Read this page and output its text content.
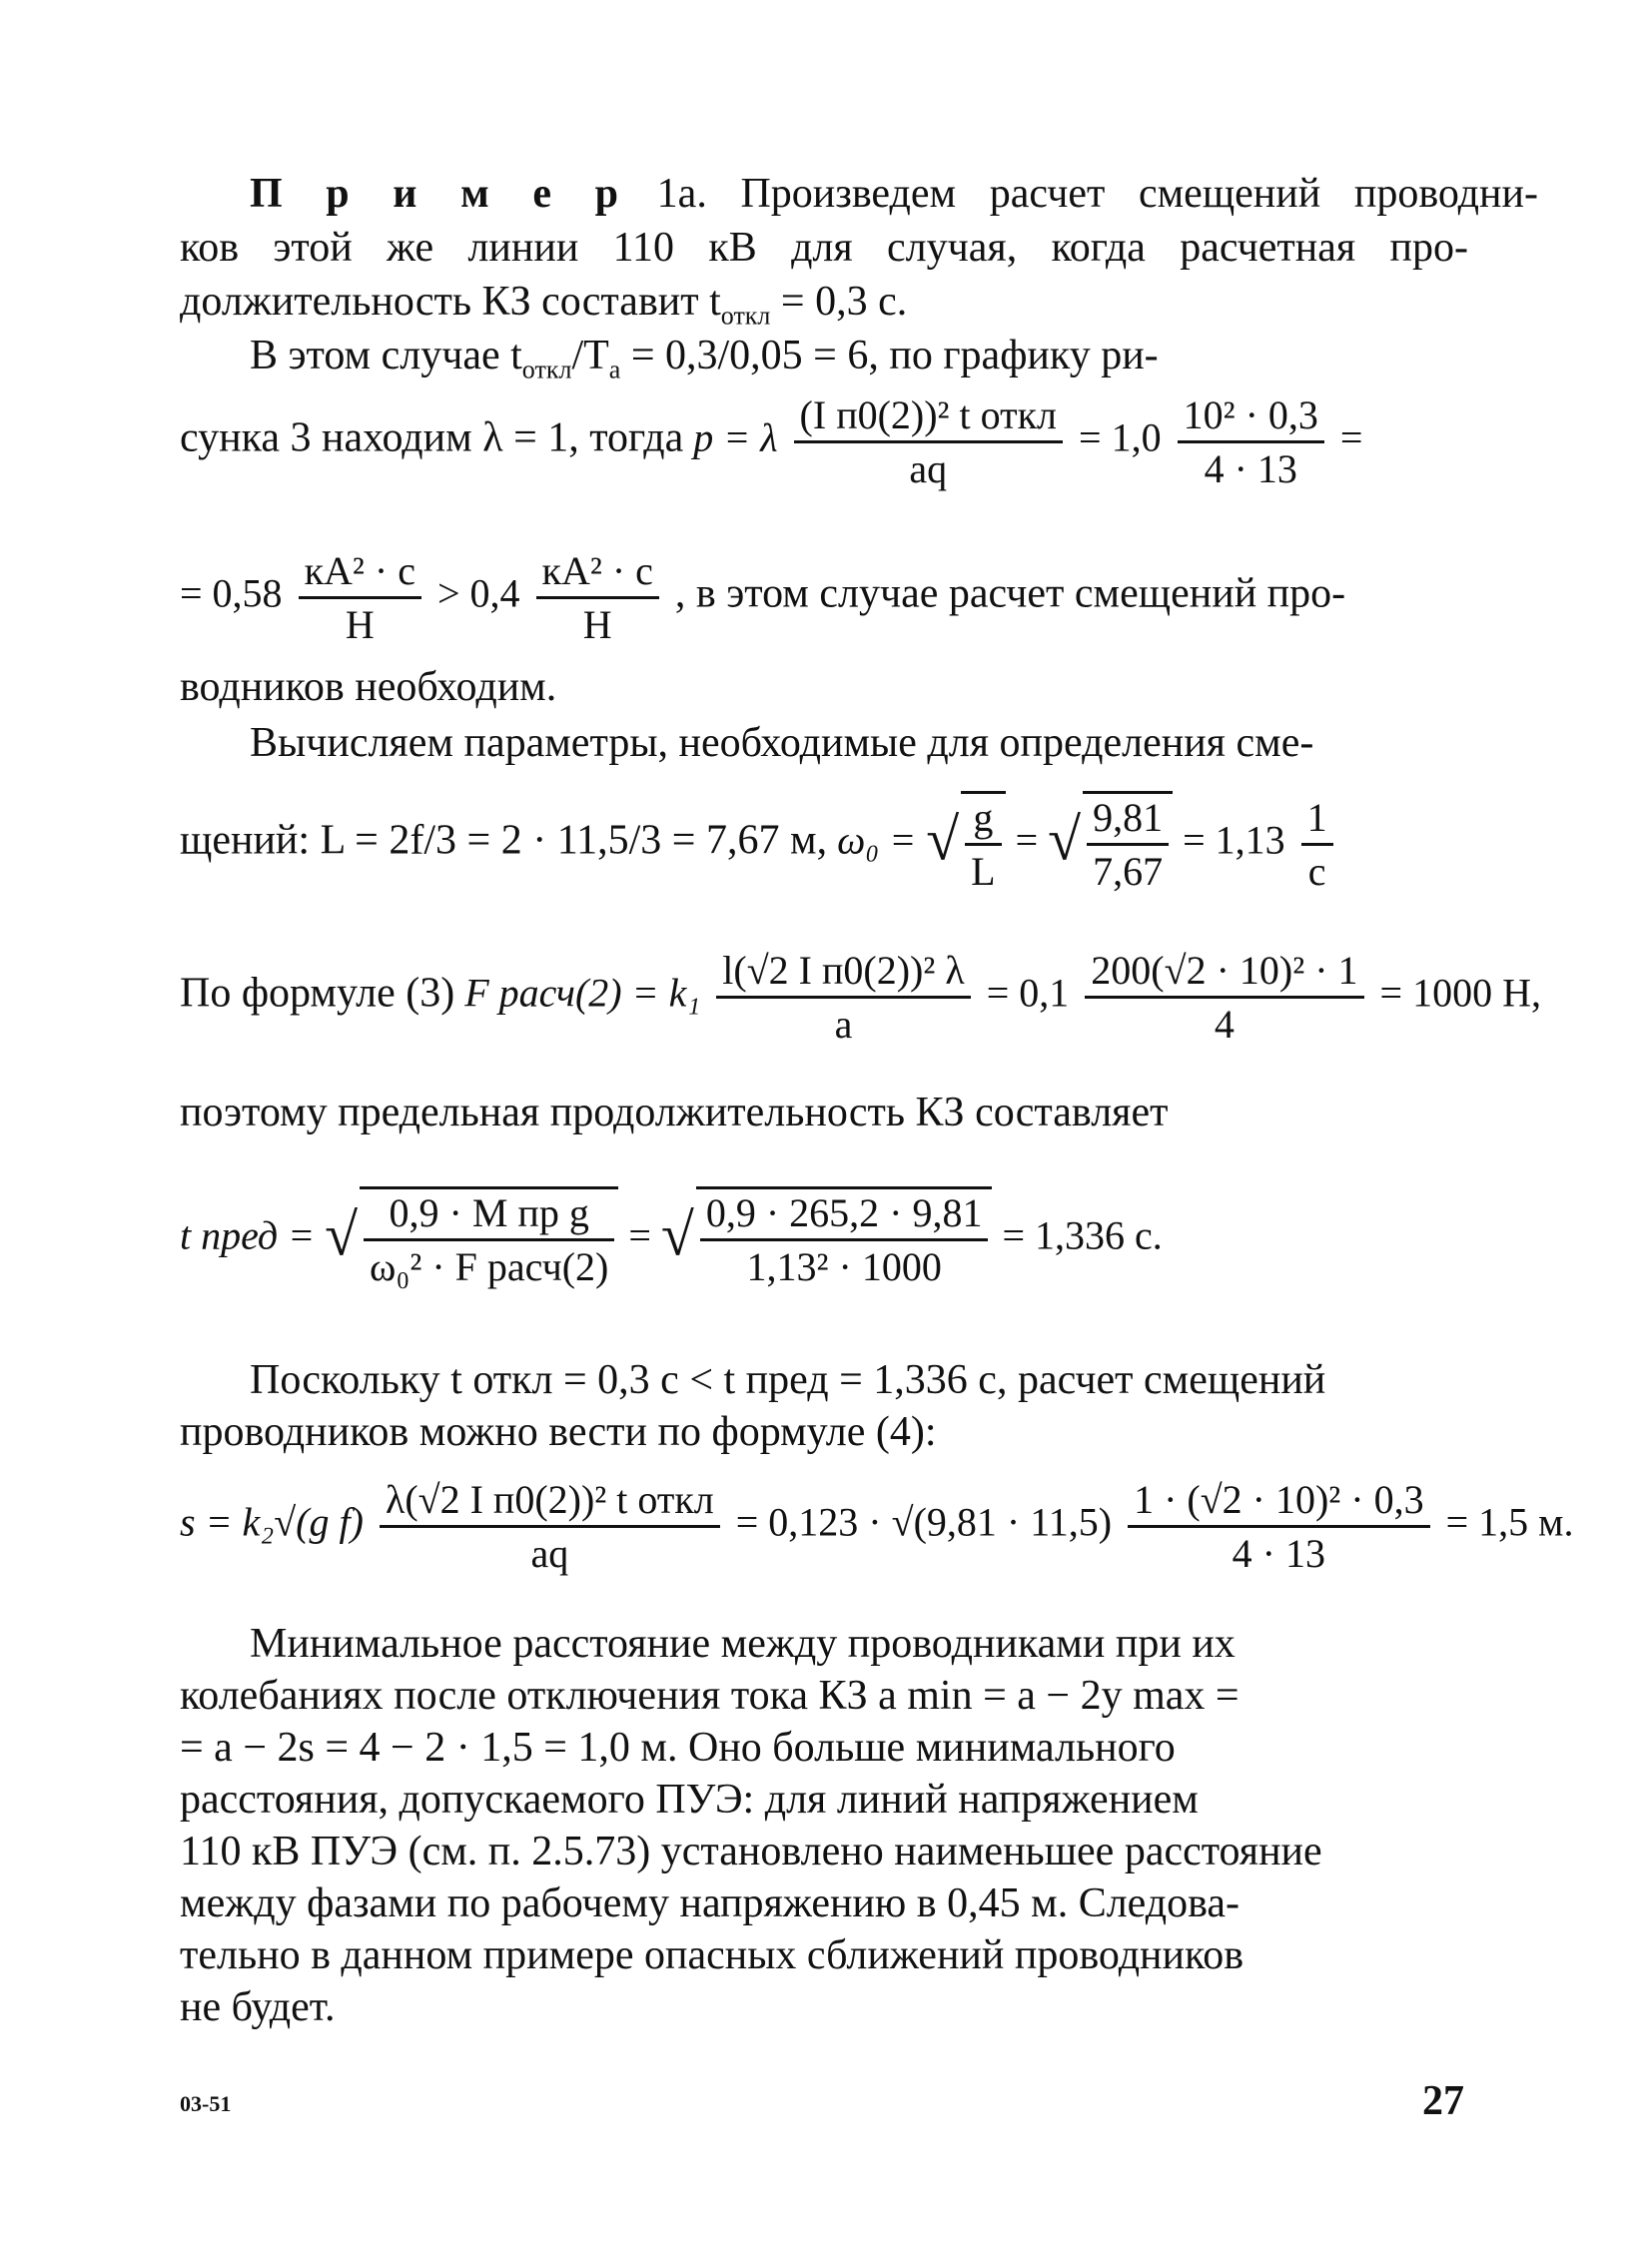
П р и м е р 1а. Произведем расчет смещений проводни-
ков этой же линии 110 кВ для случая, когда расчетная про-
должительность КЗ составит $t_{откл} = 0,3$ с.
В этом случае $t_{откл}/T_а = 0,3/0,05 = 6$, по графику ри-
сунка 3 находим λ = 1, тогда p = λ $\frac{\text{(I п0(2))² t откл}}{aq} = 1,0 \frac{\text{10² · 0,3}}{4 \cdot 13}$ =
= $0,58 \frac{\text{кА² · с}}{Н} > 0,4 \frac{\text{кА² · с}}{Н}$ , в этом случае расчет смещений про-
водников необходим.
Вычисляем параметры, необходимые для определения сме-
щений: L = 2f/3 = 2 · 11,5/3 = 7,67 м, ω₀ = √ $\frac{g}{L}$ = √ $\frac{9,81}{7,67} = 1,13 \frac{1}{с}$
По формуле (3) F расч(2) = $k_1 \frac{\text{l(√2 I п0(2))² λ}}{a} = 0,1 \frac{\text{200(√2 · 10)² · 1}}{4} = 1000$ Н,
поэтому предельная продолжительность КЗ составляет
t пред = √ $\frac{\text{0,9 · M пр g}}{\text{ω₀² · F расч(2)}}$ = √ $\frac{0,9 \cdot 265,2 \cdot 9,81}{\text{1,13² · 1000}} = 1,336$ с.
Поскольку t откл = 0,3 с < t пред = 1,336 с, расчет смещений
проводников можно вести по формуле (4):
s = k₂√(g $f) \frac{\text{λ(√2 I п0(2))² t откл}}{aq} = 0,123 \cdot √(9,81 \cdot 11,5) \frac{\text{1 · (√2 · 10)² · 0,3}}{4 \cdot 13} = 1,5$ м.
Минимальное расстояние между проводниками при их
колебаниях после отключения тока КЗ a min = a − 2y max =
= a − 2s = 4 − 2 · 1,5 = 1,0 м. Оно больше минимального
расстояния, допускаемого ПУЭ: для линий напряжением
110 кВ ПУЭ (см. п. 2.5.73) установлено наименьшее расстояние
между фазами по рабочему напряжению в 0,45 м. Следова-
тельно в данном примере опасных сближений проводников
не будет.
03-51	27
